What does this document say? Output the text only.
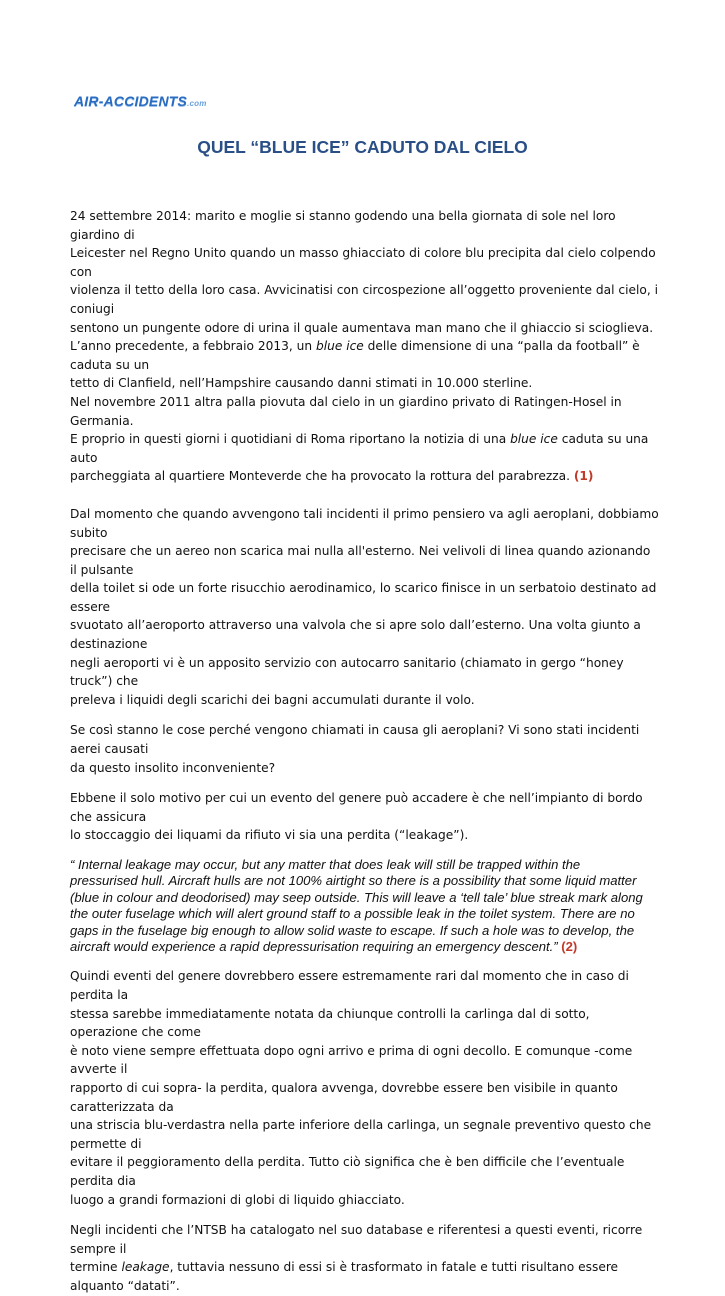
AIR-ACCIDENTS.com
QUEL “BLUE ICE” CADUTO DAL CIELO

24 settembre 2014: marito e moglie si stanno godendo una bella giornata di sole nel loro giardino di
Leicester nel Regno Unito quando un masso ghiacciato di colore blu precipita dal cielo colpendo con
violenza il tetto della loro casa. Avvicinatisi con circospezione all’oggetto proveniente dal cielo, i coniugi
sentono un pungente odore di urina il quale aumentava man mano che il ghiaccio si scioglieva.
L’anno precedente, a febbraio 2013, un blue ice delle dimensione di una “palla da football” è caduta su un
tetto di Clanfield, nell’Hampshire causando danni stimati in 10.000 sterline.
Nel novembre 2011 altra palla piovuta dal cielo in un giardino privato di Ratingen-Hosel in Germania.
E proprio in questi giorni i quotidiani di Roma riportano la notizia di una blue ice caduta su una auto
parcheggiata al quartiere Monteverde che ha provocato la rottura del parabrezza. (1)

Dal momento che quando avvengono tali incidenti il primo pensiero va agli aeroplani, dobbiamo subito
precisare che un aereo non scarica mai nulla all'esterno. Nei velivoli di linea quando azionando il pulsante
della toilet si ode un forte risucchio aerodinamico, lo scarico finisce in un serbatoio destinato ad essere
svuotato all’aeroporto attraverso una valvola che si apre solo dall’esterno. Una volta giunto a destinazione
negli aeroporti vi è un apposito servizio con autocarro sanitario (chiamato in gergo “honey truck”) che
preleva i liquidi degli scarichi dei bagni accumulati durante il volo.

Se così stanno le cose perché vengono chiamati in causa gli aeroplani? Vi sono stati incidenti aerei causati
da questo insolito inconveniente?

Ebbene il solo motivo per cui un evento del genere può accadere è che nell’impianto di bordo che assicura
lo stoccaggio dei liquami da rifiuto vi sia una perdita (“leakage”).

“ Internal leakage may occur, but any matter that does leak will still be trapped within the
pressurised hull. Aircraft hulls are not 100% airtight so there is a possibility that some liquid matter
(blue in colour and deodorised) may seep outside. This will leave a ‘tell tale’ blue streak mark along
the outer fuselage which will alert ground staff to a possible leak in the toilet system. There are no
gaps in the fuselage big enough to allow solid waste to escape. If such a hole was to develop, the
aircraft would experience a rapid depressurisation requiring an emergency descent.” (2)

Quindi eventi del genere dovrebbero essere estremamente rari dal momento che in caso di perdita la
stessa sarebbe immediatamente notata da chiunque controlli la carlinga dal di sotto, operazione che come
è noto viene sempre effettuata dopo ogni arrivo e prima di ogni decollo. E comunque -come avverte il
rapporto di cui sopra- la perdita, qualora avvenga, dovrebbe essere ben visibile in quanto caratterizzata da
una striscia blu-verdastra nella parte inferiore della carlinga, un segnale preventivo questo che permette di
evitare il peggioramento della perdita. Tutto ciò significa che è ben difficile che l’eventuale perdita dia
luogo a grandi formazioni di globi di liquido ghiacciato.

Negli incidenti che l’NTSB ha catalogato nel suo database e riferentesi a questi eventi, ricorre sempre il
termine leakage, tuttavia nessuno di essi si è trasformato in fatale e tutti risultano essere alquanto “datati”.
